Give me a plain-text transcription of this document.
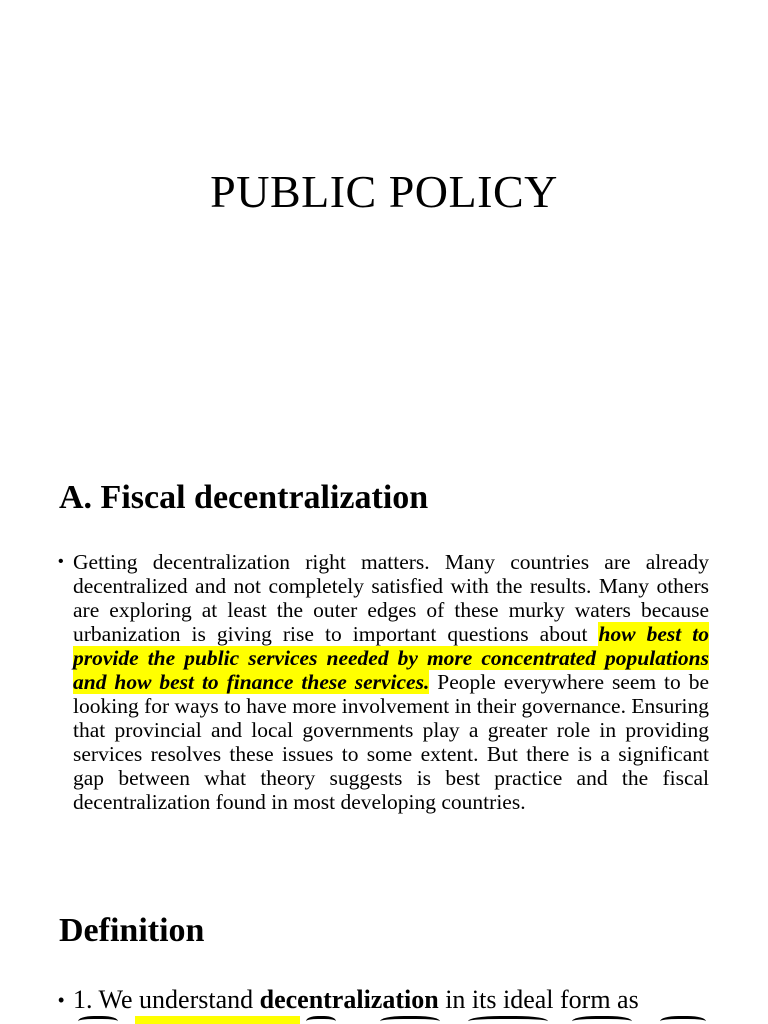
PUBLIC POLICY
A. Fiscal decentralization
• Getting decentralization right matters. Many countries are already decentralized and not completely satisfied with the results. Many others are exploring at least the outer edges of these murky waters because urbanization is giving rise to important questions about how best to provide the public services needed by more concentrated populations and how best to finance these services. People everywhere seem to be looking for ways to have more involvement in their governance. Ensuring that provincial and local governments play a greater role in providing services resolves these issues to some extent. But there is a significant gap between what theory suggests is best practice and the fiscal decentralization found in most developing countries.
Definition
• 1. We understand decentralization in its ideal form as
